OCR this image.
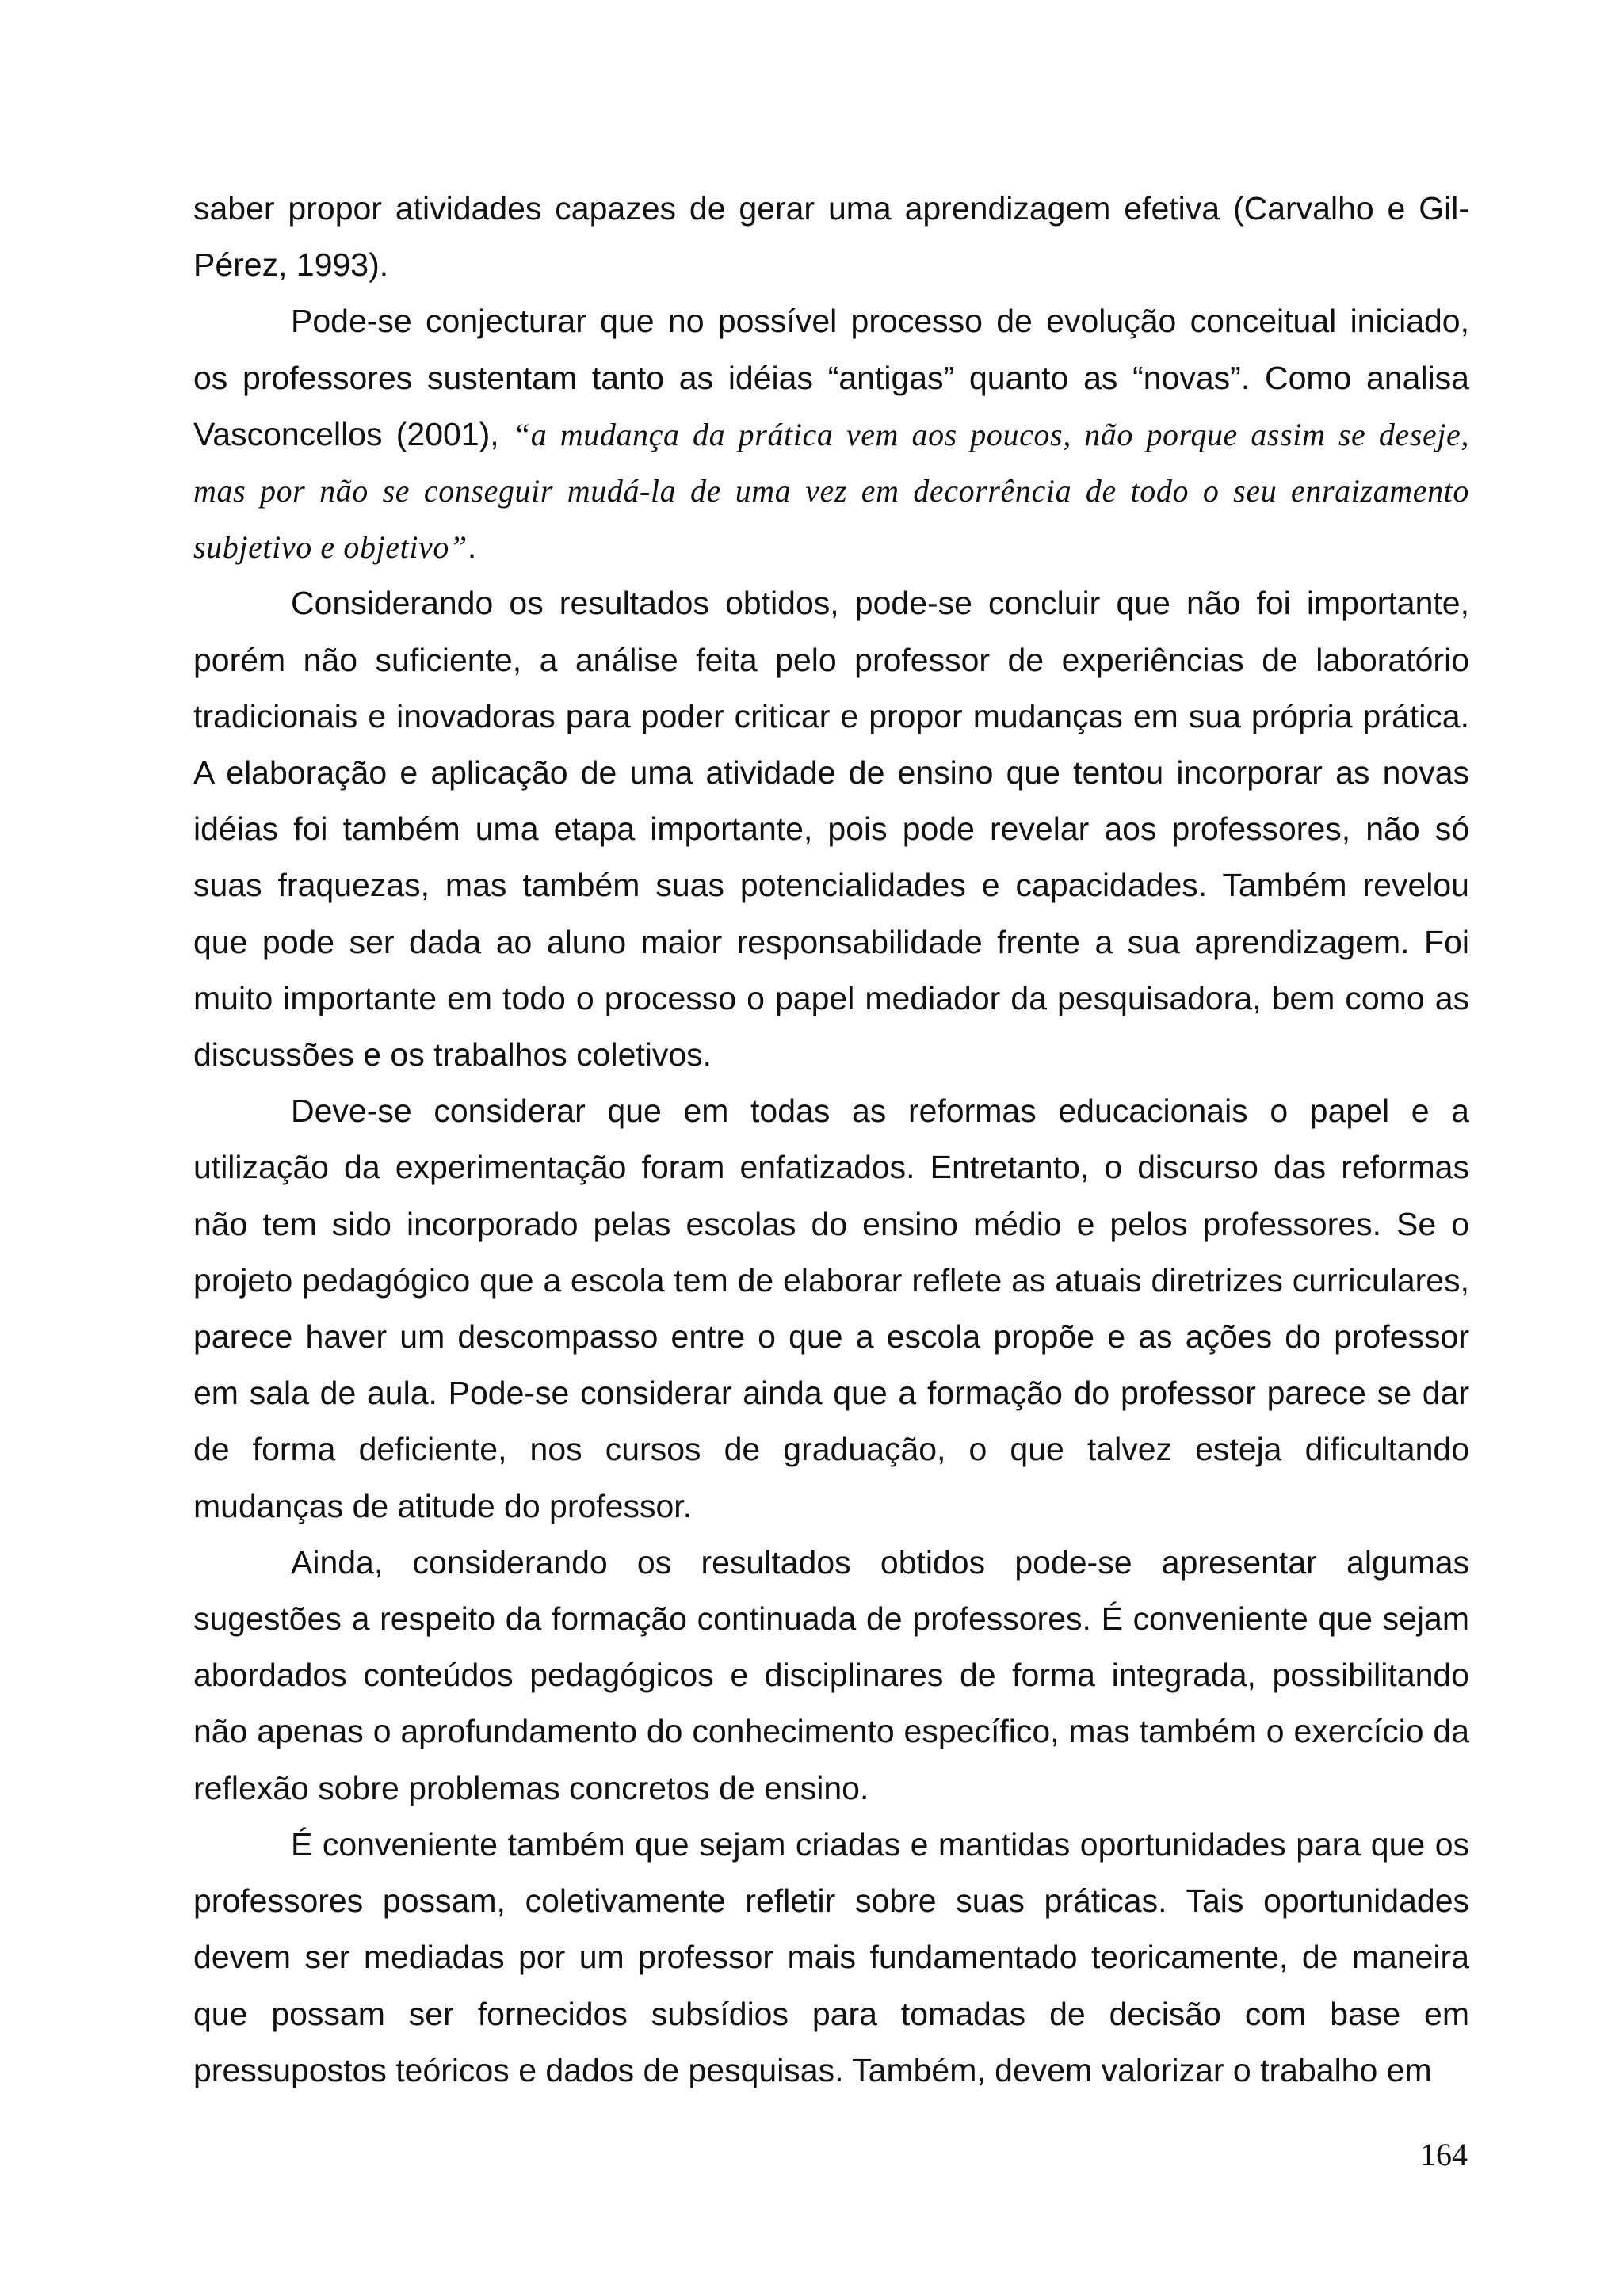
saber propor atividades capazes de gerar uma aprendizagem efetiva (Carvalho e Gil-Pérez, 1993).

Pode-se conjecturar que no possível processo de evolução conceitual iniciado, os professores sustentam tanto as idéias “antigas” quanto as “novas”. Como analisa Vasconcellos (2001), “a mudança da prática vem aos poucos, não porque assim se deseje, mas por não se conseguir mudá-la de uma vez em decorrência de todo o seu enraizamento subjetivo e objetivo”.

Considerando os resultados obtidos, pode-se concluir que não foi importante, porém não suficiente, a análise feita pelo professor de experiências de laboratório tradicionais e inovadoras para poder criticar e propor mudanças em sua própria prática. A elaboração e aplicação de uma atividade de ensino que tentou incorporar as novas idéias foi também uma etapa importante, pois pode revelar aos professores, não só suas fraquezas, mas também suas potencialidades e capacidades. Também revelou que pode ser dada ao aluno maior responsabilidade frente a sua aprendizagem. Foi muito importante em todo o processo o papel mediador da pesquisadora, bem como as discussões e os trabalhos coletivos.

Deve-se considerar que em todas as reformas educacionais o papel e a utilização da experimentação foram enfatizados. Entretanto, o discurso das reformas não tem sido incorporado pelas escolas do ensino médio e pelos professores. Se o projeto pedagógico que a escola tem de elaborar reflete as atuais diretrizes curriculares, parece haver um descompasso entre o que a escola propõe e as ações do professor em sala de aula. Pode-se considerar ainda que a formação do professor parece se dar de forma deficiente, nos cursos de graduação, o que talvez esteja dificultando mudanças de atitude do professor.

Ainda, considerando os resultados obtidos pode-se apresentar algumas sugestões a respeito da formação continuada de professores. É conveniente que sejam abordados conteúdos pedagógicos e disciplinares de forma integrada, possibilitando não apenas o aprofundamento do conhecimento específico, mas também o exercício da reflexão sobre problemas concretos de ensino.

É conveniente também que sejam criadas e mantidas oportunidades para que os professores possam, coletivamente refletir sobre suas práticas. Tais oportunidades devem ser mediadas por um professor mais fundamentado teoricamente, de maneira que possam ser fornecidos subsídios para tomadas de decisão com base em pressupostos teóricos e dados de pesquisas. Também, devem valorizar o trabalho em

164
